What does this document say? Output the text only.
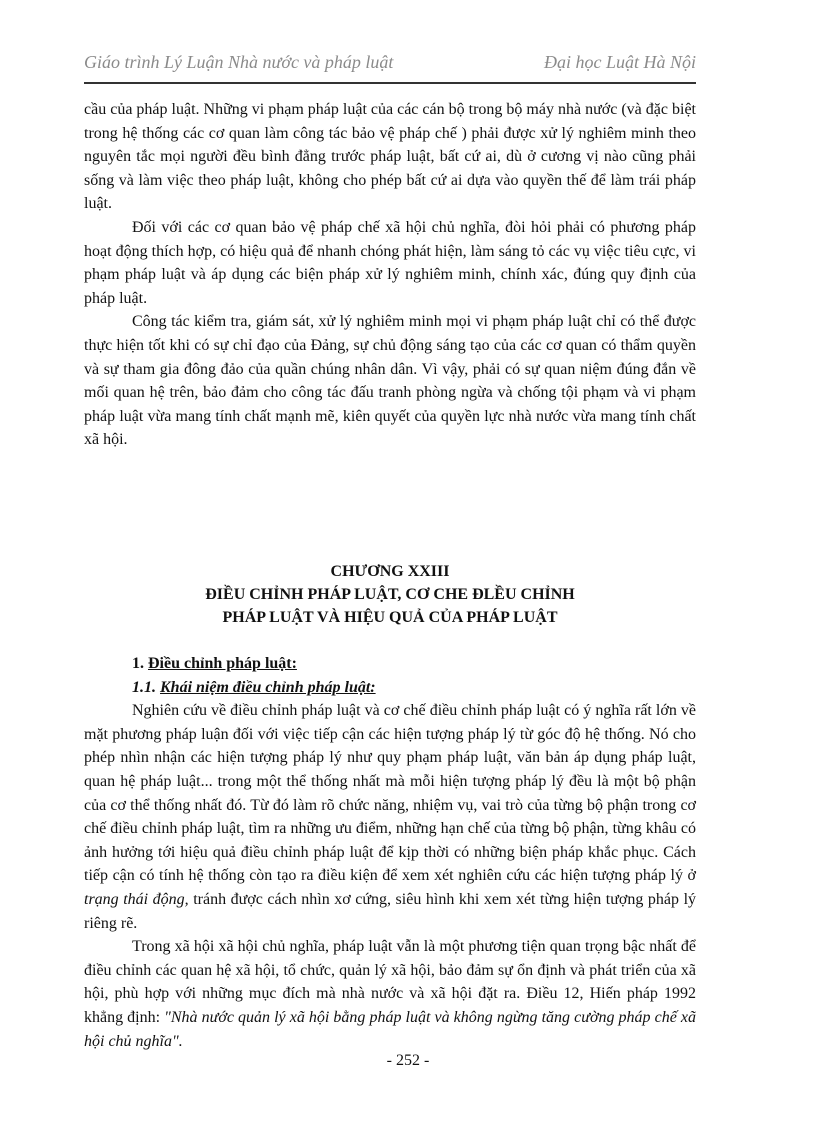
Giáo trình Lý Luận Nhà nước và pháp luật	Đại học Luật Hà Nội

cầu của pháp luật. Những vi phạm pháp luật của các cán bộ trong bộ máy nhà nước (và đặc biệt trong hệ thống các cơ quan làm công tác bảo vệ pháp chế ) phải được xử lý nghiêm minh theo nguyên tắc mọi người đều bình đẳng trước pháp luật, bất cứ ai, dù ở cương vị nào cũng phải sống và làm việc theo pháp luật, không cho phép bất cứ ai dựa vào quyền thế để làm trái pháp luật.

Đối với các cơ quan bảo vệ pháp chế xã hội chủ nghĩa, đòi hỏi phải có phương pháp hoạt động thích hợp, có hiệu quả để nhanh chóng phát hiện, làm sáng tỏ các vụ việc tiêu cực, vi phạm pháp luật và áp dụng các biện pháp xử lý nghiêm minh, chính xác, đúng quy định của pháp luật.

Công tác kiểm tra, giám sát, xử lý nghiêm minh mọi vi phạm pháp luật chỉ có thể được thực hiện tốt khi có sự chỉ đạo của Đảng, sự chủ động sáng tạo của các cơ quan có thẩm quyền và sự tham gia đông đảo của quần chúng nhân dân. Vì vậy, phải có sự quan niệm đúng đắn về mối quan hệ trên, bảo đảm cho công tác đấu tranh phòng ngừa và chống tội phạm và vi phạm pháp luật vừa mang tính chất mạnh mẽ, kiên quyết của quyền lực nhà nước vừa mang tính chất xã hội.

CHƯƠNG XXIII
ĐIỀU CHỈNH PHÁP LUẬT, CƠ CHE ĐLỀU CHỈNH
PHÁP LUẬT VÀ HIỆU QUẢ CỦA PHÁP LUẬT

1. Điều chỉnh pháp luật:

1.1. Khái niệm điều chỉnh pháp luật:

Nghiên cứu về điều chỉnh pháp luật và cơ chế điều chỉnh pháp luật có ý nghĩa rất lớn về mặt phương pháp luận đối với việc tiếp cận các hiện tượng pháp lý từ góc độ hệ thống. Nó cho phép nhìn nhận các hiện tượng pháp lý như quy phạm pháp luật, văn bản áp dụng pháp luật, quan hệ pháp luật... trong một thể thống nhất mà mỗi hiện tượng pháp lý đều là một bộ phận của cơ thể thống nhất đó. Từ đó làm rõ chức năng, nhiệm vụ, vai trò của từng bộ phận trong cơ chế điều chỉnh pháp luật, tìm ra những ưu điểm, những hạn chế của từng bộ phận, từng khâu có ảnh hưởng tới hiệu quả điều chỉnh pháp luật để kịp thời có những biện pháp khắc phục. Cách tiếp cận có tính hệ thống còn tạo ra điều kiện để xem xét nghiên cứu các hiện tượng pháp lý ở trạng thái động, tránh được cách nhìn xơ cứng, siêu hình khi xem xét từng hiện tượng pháp lý riêng rẽ.

Trong xã hội xã hội chủ nghĩa, pháp luật vẫn là một phương tiện quan trọng bậc nhất để điều chỉnh các quan hệ xã hội, tổ chức, quản lý xã hội, bảo đảm sự ổn định và phát triển của xã hội, phù hợp với những mục đích mà nhà nước và xã hội đặt ra. Điều 12, Hiến pháp 1992 khẳng định: "Nhà nước quản lý xã hội bằng pháp luật và không ngừng tăng cường pháp chế xã hội chủ nghĩa".

- 252 -
